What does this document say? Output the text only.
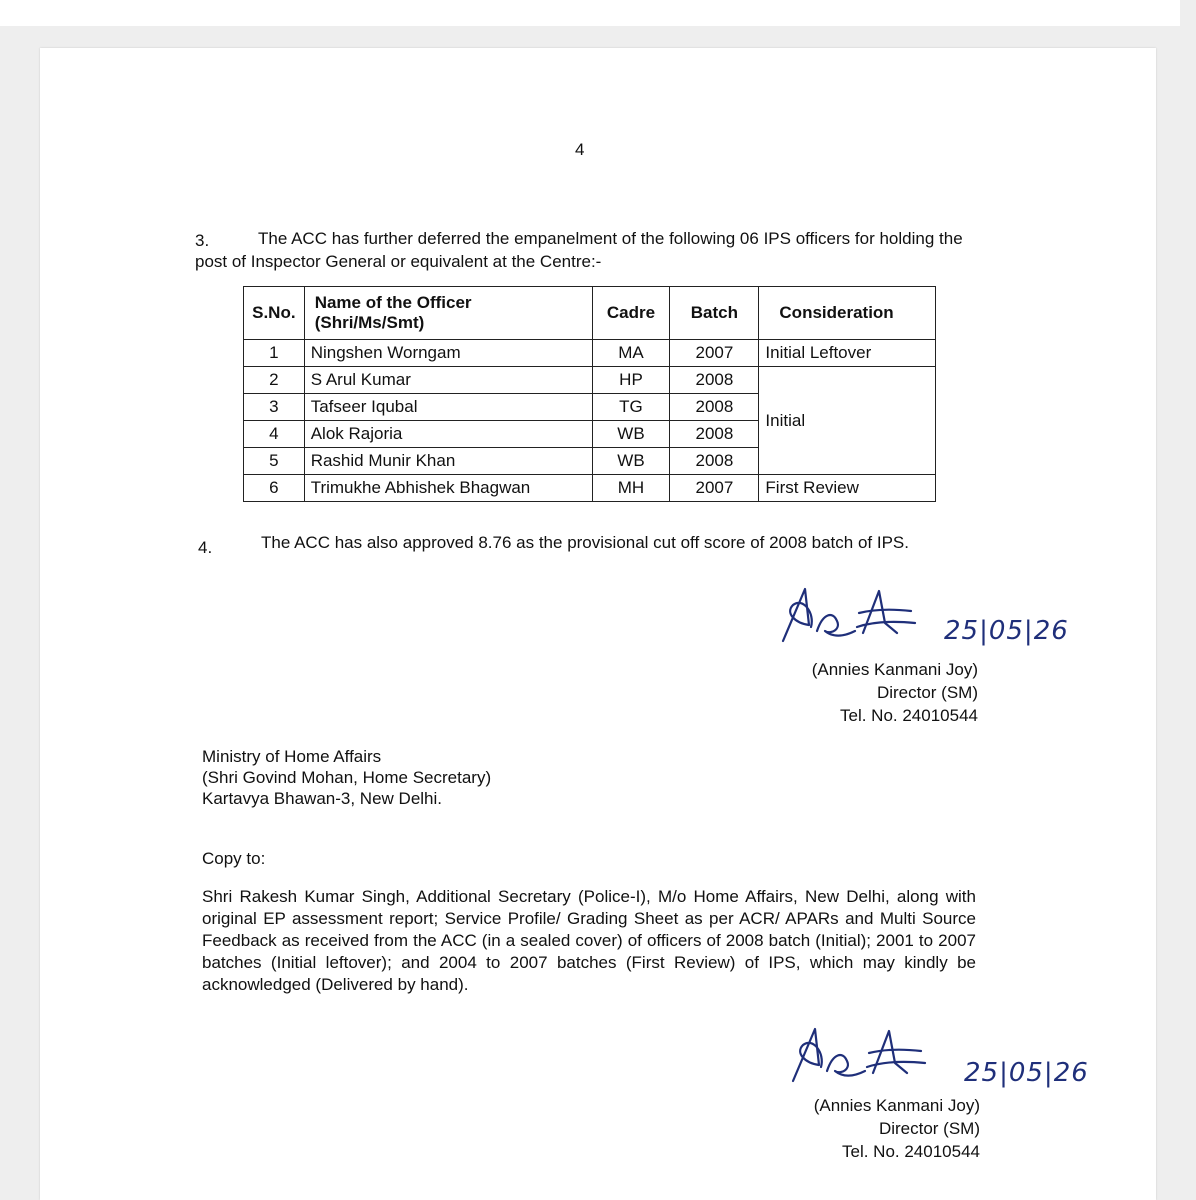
4
3.	The ACC has further deferred the empanelment of the following 06 IPS officers for holding the
post of Inspector General or equivalent at the Centre:-
S.No.	Name of the Officer (Shri/Ms/Smt)	Cadre	Batch	Consideration
1	Ningshen Worngam	MA	2007	Initial Leftover
2	S Arul Kumar	HP	2008	Initial
3	Tafseer Iqubal	TG	2008	
4	Alok Rajoria	WB	2008	
5	Rashid Munir Khan	WB	2008	
6	Trimukhe Abhishek Bhagwan	MH	2007	First Review
4.	The ACC has also approved 8.76 as the provisional cut off score of 2008 batch of IPS.
25|05|26
(Annies Kanmani Joy)
Director (SM)
Tel. No. 24010544
Ministry of Home Affairs
(Shri Govind Mohan, Home Secretary)
Kartavya Bhawan-3, New Delhi.
Copy to:
Shri Rakesh Kumar Singh, Additional Secretary (Police-I), M/o Home Affairs, New Delhi, along with original EP assessment report; Service Profile/ Grading Sheet as per ACR/ APARs and Multi Source Feedback as received from the ACC (in a sealed cover) of officers of 2008 batch (Initial); 2001 to 2007 batches (Initial leftover); and 2004 to 2007 batches (First Review) of IPS, which may kindly be acknowledged (Delivered by hand).
25|05|26
(Annies Kanmani Joy)
Director (SM)
Tel. No. 24010544
